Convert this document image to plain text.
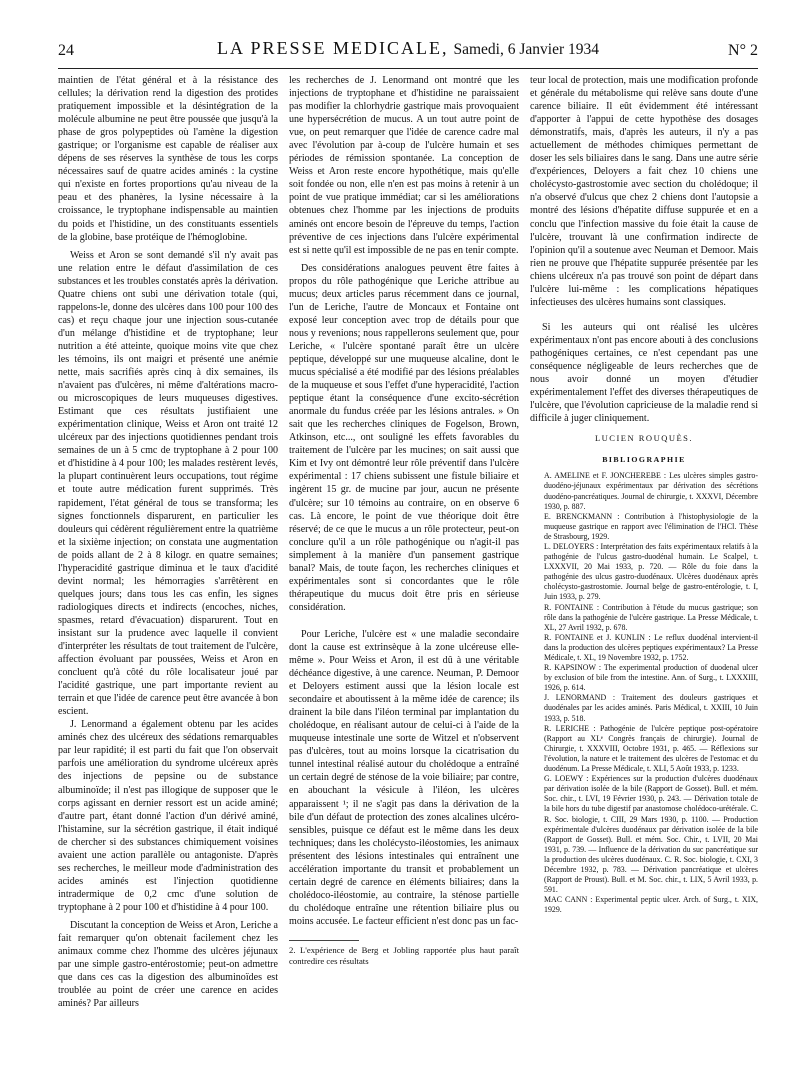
24	LA PRESSE MEDICALE, Samedi, 6 Janvier 1934	N° 2

maintien de l'état général et à la résistance des cellules; la dérivation rend la digestion des protides pratiquement impossible et la désintégration de la molécule albumine ne peut être poussée que jusqu'à la phase de gros polypeptides où l'amène la digestion gastrique; or l'organisme est capable de réaliser aux dépens de ses réserves la synthèse de tous les corps nécessaires sauf de quatre acides aminés : la cystine qui n'existe en fortes proportions qu'au niveau de la peau et des phanères, la lysine nécessaire à la croissance, le tryptophane indispensable au maintien du poids et l'histidine, un des constituants essentiels de la globine, base protéique de l'hémoglobine.

Weiss et Aron se sont demandé s'il n'y avait pas une relation entre le défaut d'assimilation de ces substances et les troubles constatés après la dérivation. Quatre chiens ont subi une dérivation totale (qui, rappelons-le, donne des ulcères dans 100 pour 100 des cas) et reçu chaque jour une injection sous-cutanée d'un mélange d'histidine et de tryptophane; leur nutrition a été atteinte, quoique moins vite que chez les témoins, ils ont maigri et présenté une anémie nette, mais sacrifiés après cinq à dix semaines, ils n'avaient pas d'ulcères, ni même d'altérations macro- ou microscopiques de leurs muqueuses digestives. Estimant que ces résultats justifiaient une expérimentation clinique, Weiss et Aron ont traité 12 ulcéreux par des injections quotidiennes pendant trois semaines de un à 5 cmc de tryptophane à 2 pour 100 et d'histidine à 4 pour 100; les malades restèrent levés, la plupart continuèrent leurs occupations, tout régime et toute autre médication furent supprimés. Très rapidement, l'état général de tous se transforma; les signes fonctionnels disparurent, en particulier les douleurs qui cédèrent régulièrement entre la quatrième et la sixième injection; on constata une augmentation de poids allant de 2 à 8 kilogr. en quatre semaines; l'hyperacidité gastrique diminua et le taux d'acidité devint normal; les hémorragies s'arrêtèrent en quelques jours; dans tous les cas enfin, les signes radiologiques directs et indirects (encoches, niches, spasmes, retard d'évacuation) disparurent. Tout en insistant sur la prudence avec laquelle il convient d'interpréter les résultats de tout traitement de l'ulcère, affection évoluant par poussées, Weiss et Aron en concluent qu'à côté du rôle localisateur joué par l'acidité gastrique, une part importante revient au terrain et que l'idée de carence peut être avancée à bon escient.

J. Lenormand a également obtenu par les acides aminés chez des ulcéreux des sédations remarquables par leur rapidité; il est parti du fait que l'on observait parfois une amélioration du syndrome ulcéreux après des injections de pepsine ou de substance albuminoïde; il n'est pas illogique de supposer que le corps agissant en dernier ressort est un acide aminé; d'autre part, étant donné l'action d'un dérivé aminé, l'histamine, sur la sécrétion gastrique, il était indiqué de chercher si des substances chimiquement voisines avaient une action parallèle ou antagoniste. D'après ses recherches, le meilleur mode d'administration des acides aminés est l'injection quotidienne intradermique de 0,2 cmc d'une solution de tryptophane à 2 pour 100 et d'histidine à 4 pour 100.

Discutant la conception de Weiss et Aron, Leriche a fait remarquer qu'on obtenait facilement chez les animaux comme chez l'homme des ulcères jéjunaux par une simple gastro-entérostomie; peut-on admettre que dans ces cas la digestion des albuminoïdes est troublée au point de créer une carence en acides aminés? Par ailleurs

les recherches de J. Lenormand ont montré que les injections de tryptophane et d'histidine ne paraissaient pas modifier la chlorhydrie gastrique mais provoquaient une hypersécrétion de mucus. A un tout autre point de vue, on peut remarquer que l'idée de carence cadre mal avec l'évolution par à-coup de l'ulcère humain et ses périodes de rémission spontanée. La conception de Weiss et Aron reste encore hypothétique, mais qu'elle soit fondée ou non, elle n'en est pas moins à retenir à un point de vue pratique immédiat; car si les améliorations obtenues chez l'homme par les injections de produits aminés ont encore besoin de l'épreuve du temps, l'action préventive de ces injections dans l'ulcère expérimental est si nette qu'il est impossible de ne pas en tenir compte.

Des considérations analogues peuvent être faites à propos du rôle pathogénique que Leriche attribue au mucus; deux articles parus récemment dans ce journal, l'un de Leriche, l'autre de Moncaux et Fontaine ont exposé leur conception avec trop de détails pour que nous y revenions; nous rappellerons seulement que, pour Leriche, « l'ulcère spontané paraît être un ulcère peptique, développé sur une muqueuse alcaline, dont le mucus spécialisé a été modifié par des lésions préalables de la muqueuse et sous l'effet d'une hyperacidité, l'action peptique étant la conséquence d'une excito-sécrétion anormale du fundus créée par les lésions antrales. » On sait que les recherches cliniques de Fogelson, Brown, Atkinson, etc..., ont souligné les effets favorables du traitement de l'ulcère par les mucines; on sait aussi que Kim et Ivy ont démontré leur rôle préventif dans l'ulcère expérimental : 17 chiens subissent une fistule biliaire et ingèrent 15 gr. de mucine par jour, aucun ne présente d'ulcère; sur 10 témoins au contraire, on en observe 6 cas. Là encore, le point de vue théorique doit être réservé; de ce que le mucus a un rôle protecteur, peut-on conclure qu'il a un rôle pathogénique ou n'agit-il pas simplement à la manière d'un pansement gastrique banal? Mais, de toute façon, les recherches cliniques et expérimentales sont si concordantes que le rôle thérapeutique du mucus doit être pris en sérieuse considération.

Pour Leriche, l'ulcère est « une maladie secondaire dont la cause est extrinsèque à la zone ulcéreuse elle-même ». Pour Weiss et Aron, il est dû à une véritable déchéance digestive, à une carence. Neuman, P. Demoor et Deloyers estiment aussi que la lésion locale est secondaire et aboutissent à la même idée de carence; ils drainent la bile dans l'iléon terminal par implantation du cholédoque, en réalisant autour de celui-ci à l'aide de la muqueuse intestinale une sorte de Witzel et n'observent pas d'ulcères, tout au moins lorsque la cicatrisation du tunnel intestinal réalisé autour du cholédoque a entraîné un certain degré de sténose de la voie biliaire; par contre, en abouchant la vésicule à l'iléon, les ulcères apparaissent ¹; il ne s'agit pas dans la dérivation de la bile d'un défaut de protection des zones alcalines ulcéro-sensibles, puisque ce défaut est le même dans les deux techniques; dans les cholécysto-iléostomies, les animaux présentent des lésions intestinales qui entraînent une accélération importante du transit et probablement un certain degré de carence en éléments biliaires; dans la cholédoco-iléostomie, au contraire, la sténose partielle du cholédoque entraîne une rétention biliaire plus ou moins accusée. Le facteur efficient n'est donc pas un fac-

2. L'expérience de Berg et Jobling rapportée plus haut paraît contredire ces résultats

teur local de protection, mais une modification profonde et générale du métabolisme qui relève sans doute d'une carence biliaire. Il eût évidemment été intéressant d'apporter à l'appui de cette hypothèse des dosages démonstratifs, mais, d'après les auteurs, il n'y a pas actuellement de méthodes chimiques permettant de doser les sels biliaires dans le sang. Dans une autre série d'expériences, Deloyers a fait chez 10 chiens une cholécysto-gastrostomie avec section du cholédoque; il n'a observé d'ulcus que chez 2 chiens dont l'autopsie a montré des lésions d'hépatite diffuse suppurée et en a conclu que l'infection massive du foie était la cause de l'ulcère, trouvant là une confirmation indirecte de l'opinion qu'il a soutenue avec Neuman et Demoor. Mais rien ne prouve que l'hépatite suppurée présentée par les chiens ulcéreux n'a pas trouvé son point de départ dans l'ulcère lui-même : les complications hépatiques infectieuses des ulcères humains sont classiques.

Si les auteurs qui ont réalisé les ulcères expérimentaux n'ont pas encore abouti à des conclusions pathogéniques certaines, ce n'est cependant pas une conséquence négligeable de leurs recherches que de nous avoir donné un moyen d'étudier expérimentalement l'effet des diverses thérapeutiques de l'ulcère, que l'évolution capricieuse de la maladie rend si difficile à juger cliniquement.

LUCIEN ROUQUÈS.
BIBLIOGRAPHIE

A. AMELINE et F. JONCHEREBE : Les ulcères simples gastro-duodéno-jéjunaux expérimentaux par dérivation des sécrétions duodéno-pancréatiques. Journal de chirurgie, t. XXXVI, Décembre 1930, p. 887.

E. BRENCKMANN : Contribution à l'histophysiologie de la muqueuse gastrique en rapport avec l'élimination de l'HCl. Thèse de Strasbourg, 1929.

L. DELOYERS : Interprétation des faits expérimentaux relatifs à la pathogénie de l'ulcus gastro-duodénal humain. Le Scalpel, t. LXXXVII, 20 Mai 1933, p. 720. — Rôle du foie dans la pathogénie des ulcus gastro-duodénaux. Ulcères duodénaux après cholécysto-gastrostomie. Journal belge de gastro-entérologie, t. I, Juin 1933, p. 279.

R. FONTAINE : Contribution à l'étude du mucus gastrique; son rôle dans la pathogénie de l'ulcère gastrique. La Presse Médicale, t. XL, 27 Avril 1932, p. 678.

R. FONTAINE et J. KUNLIN : Le reflux duodénal intervient-il dans la production des ulcères peptiques expérimentaux? La Presse Médicale, t. XL, 19 Novembre 1932, p. 1752.

R. KAPSINOW : The experimental production of duodenal ulcer by exclusion of bile from the intestine. Ann. of Surg., t. LXXXIII, 1926, p. 614.

J. LENORMAND : Traitement des douleurs gastriques et duodénales par les acides aminés. Paris Médical, t. XXIII, 10 Juin 1933, p. 518.

R. LERICHE : Pathogénie de l'ulcère peptique post-opératoire (Rapport au XLᵉ Congrès français de chirurgie). Journal de Chirurgie, t. XXXVIII, Octobre 1931, p. 465. — Réflexions sur l'évolution, la nature et le traitement des ulcères de l'estomac et du duodénum. La Presse Médicale, t. XLI, 5 Août 1933, p. 1233.

G. LOEWY : Expériences sur la production d'ulcères duodénaux par dérivation isolée de la bile (Rapport de Gosset). Bull. et mém. Soc. chir., t. LVI, 19 Février 1930, p. 243. — Dérivation totale de la bile hors du tube digestif par anastomose cholédoco-urétérale. C. R. Soc. biologie, t. CIII, 29 Mars 1930, p. 1100. — Production expérimentale d'ulcères duodénaux par dérivation isolée de la bile (Rapport de Gosset). Bull. et mém. Soc. Chir., t. LVII, 20 Mai 1931, p. 739. — Influence de la dérivation du suc pancréatique sur la production des ulcères duodénaux. C. R. Soc. biologie, t. CXI, 3 Décembre 1932, p. 783. — Dérivation pancréatique et ulcères (Rapport de Proust). Bull. et M. Soc. chir., t. LIX, 5 Avril 1933, p. 591.

MAC CANN : Experimental peptic ulcer. Arch. of Surg., t. XIX, 1929.
